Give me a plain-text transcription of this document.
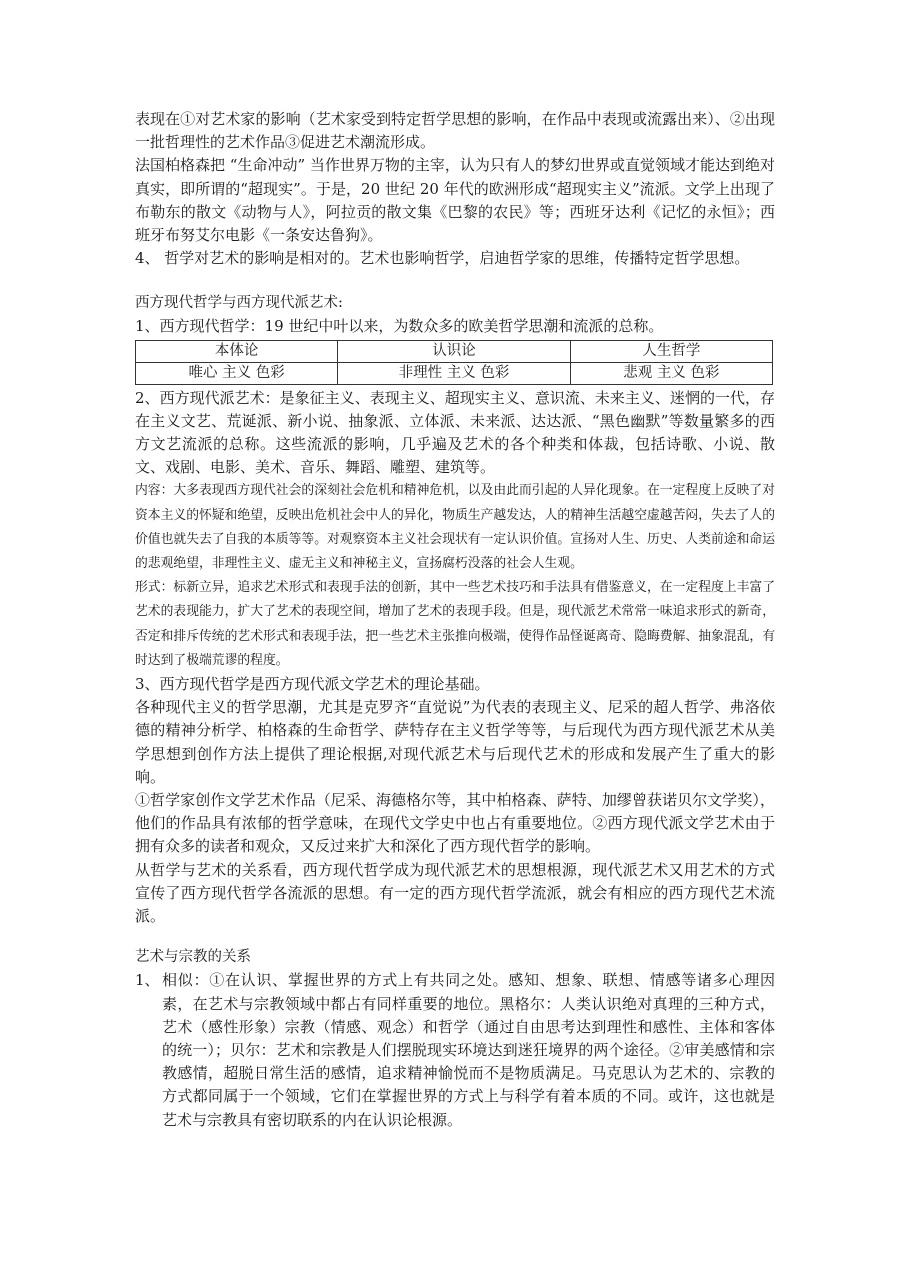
表现在①对艺术家的影响（艺术家受到特定哲学思想的影响，在作品中表现或流露出来）、②出现一批哲理性的艺术作品③促进艺术潮流形成。

法国柏格森把 “生命冲动” 当作世界万物的主宰，认为只有人的梦幻世界或直觉领域才能达到绝对真实，即所谓的“超现实”。于是，20 世纪 20 年代的欧洲形成“超现实主义”流派。文学上出现了布勒东的散文《动物与人》，阿拉贡的散文集《巴黎的农民》等；西班牙达利《记忆的永恒》；西班牙布努艾尔电影《一条安达鲁狗》。

4、 哲学对艺术的影响是相对的。艺术也影响哲学，启迪哲学家的思维，传播特定哲学思想。

西方现代哲学与西方现代派艺术:

1、西方现代哲学：19 世纪中叶以来，为数众多的欧美哲学思潮和流派的总称。

本体论	认识论	人生哲学
唯心 主义 色彩	非理性 主义 色彩	悲观 主义 色彩

2、西方现代派艺术：是象征主义、表现主义、超现实主义、意识流、未来主义、迷惘的一代，存在主义文艺、荒诞派、新小说、抽象派、立体派、未来派、达达派、“黑色幽默”等数量繁多的西方文艺流派的总称。这些流派的影响，几乎遍及艺术的各个种类和体裁，包括诗歌、小说、散文、戏剧、电影、美术、音乐、舞蹈、雕塑、建筑等。

内容：大多表现西方现代社会的深刻社会危机和精神危机，以及由此而引起的人异化现象。在一定程度上反映了对资本主义的怀疑和绝望，反映出危机社会中人的异化，物质生产越发达，人的精神生活越空虚越苦闷，失去了人的价值也就失去了自我的本质等等。对观察资本主义社会现状有一定认识价值。宣扬对人生、历史、人类前途和命运的悲观绝望，非理性主义、虚无主义和神秘主义，宣扬腐朽没落的社会人生观。

形式：标新立异，追求艺术形式和表现手法的创新，其中一些艺术技巧和手法具有借鉴意义，在一定程度上丰富了艺术的表现能力，扩大了艺术的表现空间，增加了艺术的表现手段。但是，现代派艺术常常一味追求形式的新奇，否定和排斥传统的艺术形式和表现手法，把一些艺术主张推向极端，使得作品怪诞离奇、隐晦费解、抽象混乱，有时达到了极端荒谬的程度。

3、西方现代哲学是西方现代派文学艺术的理论基础。

各种现代主义的哲学思潮，尤其是克罗齐“直觉说”为代表的表现主义、尼采的超人哲学、弗洛依德的精神分析学、柏格森的生命哲学、萨特存在主义哲学等等，与后现代为西方现代派艺术从美学思想到创作方法上提供了理论根据,对现代派艺术与后现代艺术的形成和发展产生了重大的影响。

①哲学家创作文学艺术作品（尼采、海德格尔等，其中柏格森、萨特、加缪曾获诺贝尔文学奖），他们的作品具有浓郁的哲学意味，在现代文学史中也占有重要地位。②西方现代派文学艺术由于拥有众多的读者和观众，又反过来扩大和深化了西方现代哲学的影响。

从哲学与艺术的关系看，西方现代哲学成为现代派艺术的思想根源，现代派艺术又用艺术的方式宣传了西方现代哲学各流派的思想。有一定的西方现代哲学流派，就会有相应的西方现代艺术流派。

艺术与宗教的关系

1、 相似：①在认识、掌握世界的方式上有共同之处。感知、想象、联想、情感等诸多心理因素，在艺术与宗教领域中都占有同样重要的地位。黑格尔：人类认识绝对真理的三种方式，艺术（感性形象）宗教（情感、观念）和哲学（通过自由思考达到理性和感性、主体和客体的统一）；贝尔：艺术和宗教是人们摆脱现实环境达到迷狂境界的两个途径。②审美感情和宗教感情，超脱日常生活的感情，追求精神愉悦而不是物质满足。马克思认为艺术的、宗教的方式都同属于一个领域，它们在掌握世界的方式上与科学有着本质的不同。或许，这也就是艺术与宗教具有密切联系的内在认识论根源。
